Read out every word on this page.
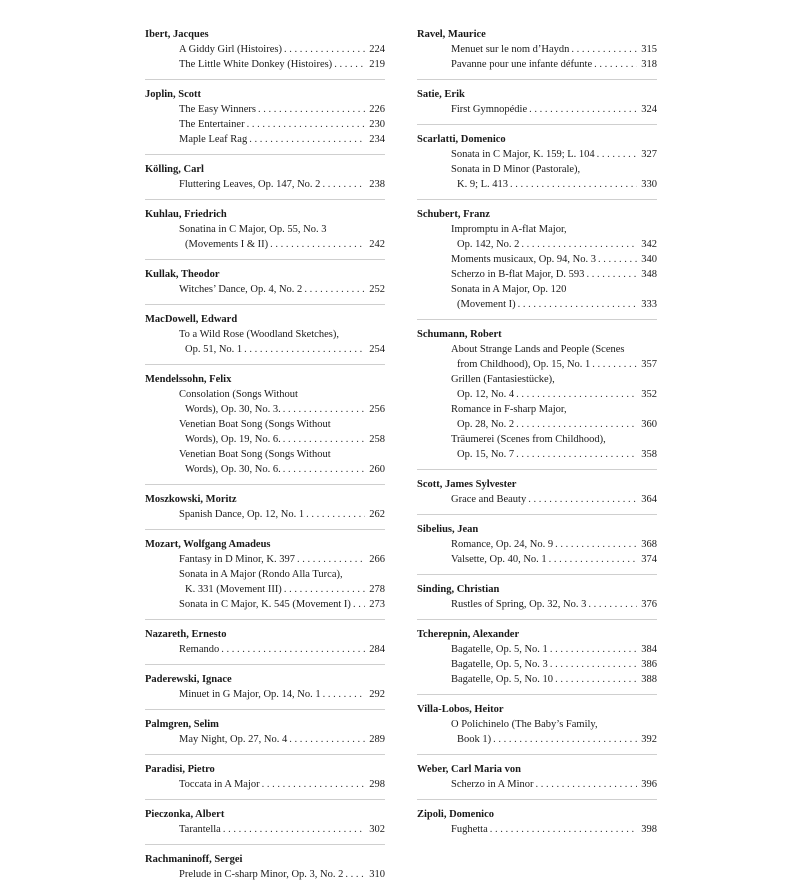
Ibert, Jacques
A Giddy Girl (Histoires) . . .	224
The Little White Donkey (Histoires) . . .	219
Joplin, Scott
The Easy Winners . . .	226
The Entertainer . . .	230
Maple Leaf Rag . . .	234
Kölling, Carl
Fluttering Leaves, Op. 147, No. 2 . . .	238
Kuhlau, Friedrich
Sonatina in C Major, Op. 55, No. 3
(Movements I & II) . . .	242
Kullak, Theodor
Witches’ Dance, Op. 4, No. 2 . . .	252
MacDowell, Edward
To a Wild Rose (Woodland Sketches),
Op. 51, No. 1 . . .	254
Mendelssohn, Felix
Consolation (Songs Without
Words), Op. 30, No. 3. . . .	256
Venetian Boat Song (Songs Without
Words), Op. 19, No. 6. . . .	258
Venetian Boat Song (Songs Without
Words), Op. 30, No. 6. . . .	260
Moszkowski, Moritz
Spanish Dance, Op. 12, No. 1 . . .	262
Mozart, Wolfgang Amadeus
Fantasy in D Minor, K. 397 . . .	266
Sonata in A Major (Rondo Alla Turca),
K. 331 (Movement III) . . .	278
Sonata in C Major, K. 545 (Movement I) . . . 273
Nazareth, Ernesto
Remando . . .	284
Paderewski, Ignace
Minuet in G Major, Op. 14, No. 1 . . .	292
Palmgren, Selim
May Night, Op. 27, No. 4 . . .	289
Paradisi, Pietro
Toccata in A Major . . .	298
Pieczonka, Albert
Tarantella . . .	302
Rachmaninoff, Sergei
Prelude in C-sharp Minor, Op. 3, No. 2 . . . 310
Ravel, Maurice
Menuet sur le nom d’Haydn . . .	315
Pavanne pour une infante défunte . . .	318
Satie, Erik
First Gymnopédie . . .	324
Scarlatti, Domenico
Sonata in C Major, K. 159; L. 104 . . .	327
Sonata in D Minor (Pastorale),
K. 9; L. 413 . . .	330
Schubert, Franz
Impromptu in A-flat Major,
Op. 142, No. 2 . . .	342
Moments musicaux, Op. 94, No. 3 . . .	340
Scherzo in B-flat Major, D. 593 . . .	348
Sonata in A Major, Op. 120
(Movement I) . . .	333
Schumann, Robert
About Strange Lands and People (Scenes
from Childhood), Op. 15, No. 1 . . .	357
Grillen (Fantasiestücke),
Op. 12, No. 4 . . .	352
Romance in F-sharp Major,
Op. 28, No. 2 . . .	360
Träumerei (Scenes from Childhood),
Op. 15, No. 7 . . .	358
Scott, James Sylvester
Grace and Beauty . . .	364
Sibelius, Jean
Romance, Op. 24, No. 9 . . .	368
Valsette, Op. 40, No. 1 . . .	374
Sinding, Christian
Rustles of Spring, Op. 32, No. 3 . . .	376
Tcherepnin, Alexander
Bagatelle, Op. 5, No. 1 . . .	384
Bagatelle, Op. 5, No. 3 . . .	386
Bagatelle, Op. 5, No. 10 . . .	388
Villa-Lobos, Heitor
O Polichinelo (The Baby’s Family,
Book 1) . . .	392
Weber, Carl Maria von
Scherzo in A Minor . . .	396
Zipoli, Domenico
Fughetta . . .	398
